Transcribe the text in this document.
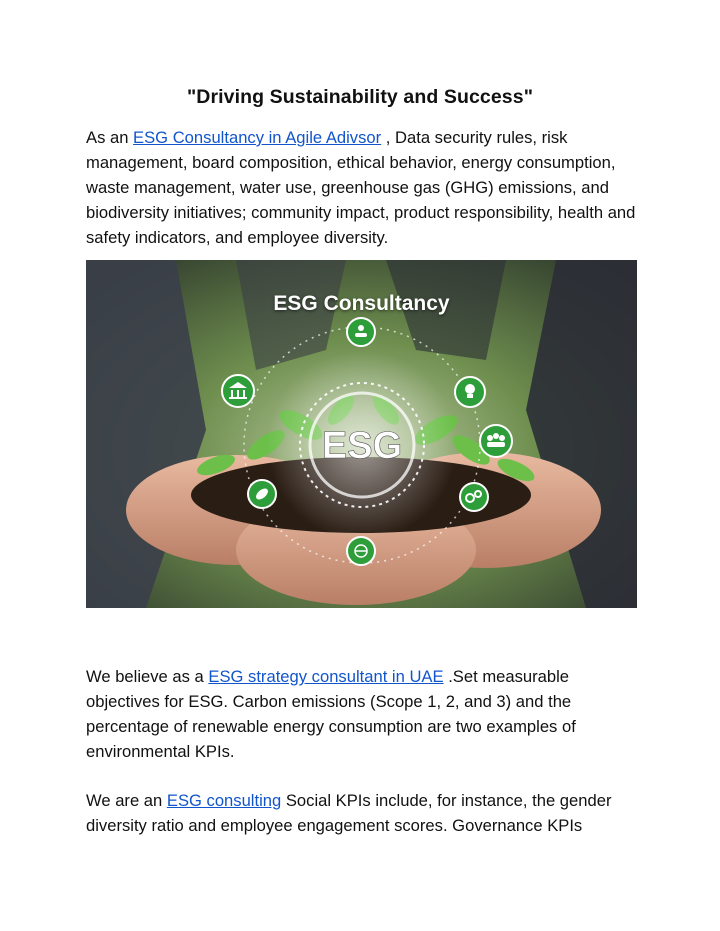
"Driving Sustainability and Success"
As an ESG Consultancy in Agile Adivsor , Data security rules, risk management, board composition, ethical behavior, energy consumption, waste management, water use, greenhouse gas (GHG) emissions, and biodiversity initiatives; community impact, product responsibility, health and safety indicators, and employee diversity.
ESG
ESG Consultancy
We believe as a ESG strategy consultant in UAE .Set measurable objectives for ESG. Carbon emissions (Scope 1, 2, and 3) and the percentage of renewable energy consumption are two examples of environmental KPIs.
We are an ESG consulting Social KPIs include, for instance, the gender diversity ratio and employee engagement scores. Governance KPIs
